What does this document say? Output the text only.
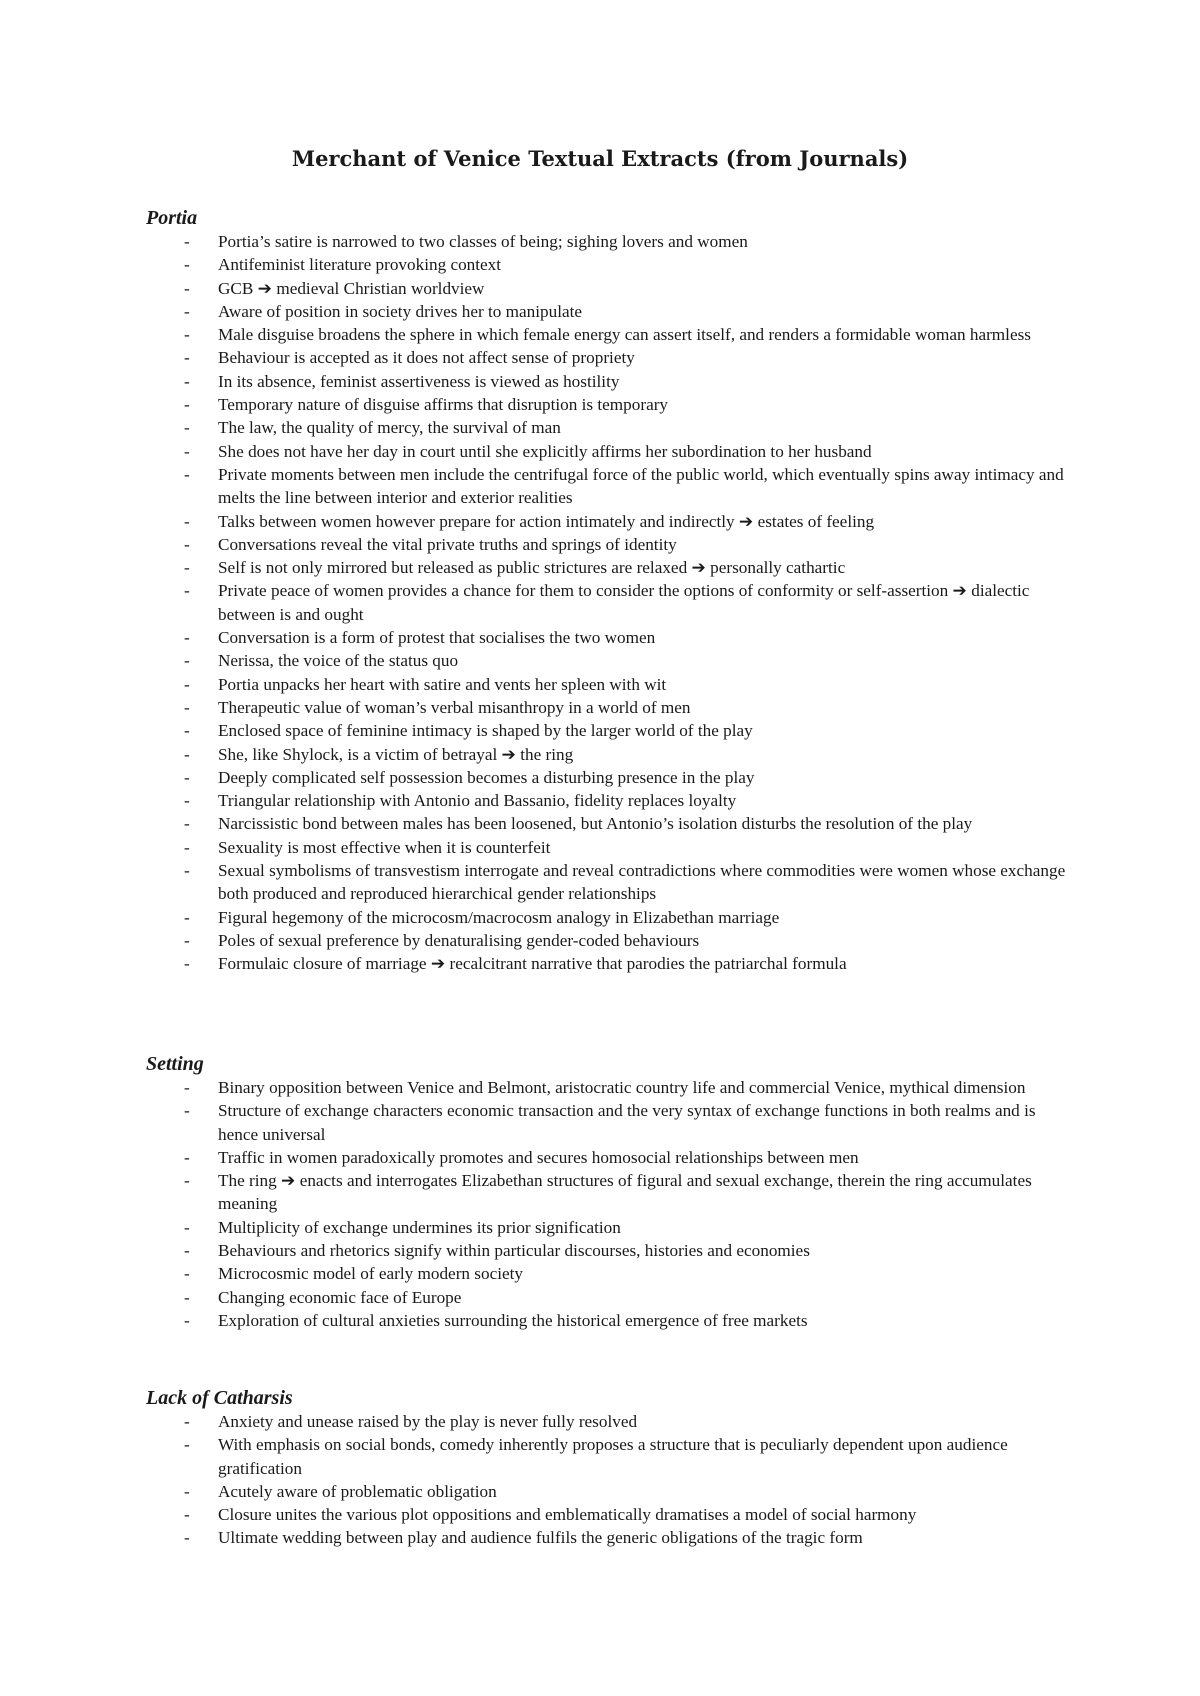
Merchant of Venice Textual Extracts (from Journals)
Portia
- Portia’s satire is narrowed to two classes of being; sighing lovers and women
- Antifeminist literature provoking context
- GCB ➔ medieval Christian worldview
- Aware of position in society drives her to manipulate
- Male disguise broadens the sphere in which female energy can assert itself, and renders a formidable woman harmless
- Behaviour is accepted as it does not affect sense of propriety
- In its absence, feminist assertiveness is viewed as hostility
- Temporary nature of disguise affirms that disruption is temporary
- The law, the quality of mercy, the survival of man
- She does not have her day in court until she explicitly affirms her subordination to her husband
- Private moments between men include the centrifugal force of the public world, which eventually spins away intimacy and melts the line between interior and exterior realities
- Talks between women however prepare for action intimately and indirectly ➔ estates of feeling
- Conversations reveal the vital private truths and springs of identity
- Self is not only mirrored but released as public strictures are relaxed ➔ personally cathartic
- Private peace of women provides a chance for them to consider the options of conformity or self-assertion ➔ dialectic between is and ought
- Conversation is a form of protest that socialises the two women
- Nerissa, the voice of the status quo
- Portia unpacks her heart with satire and vents her spleen with wit
- Therapeutic value of woman’s verbal misanthropy in a world of men
- Enclosed space of feminine intimacy is shaped by the larger world of the play
- She, like Shylock, is a victim of betrayal ➔ the ring
- Deeply complicated self possession becomes a disturbing presence in the play
- Triangular relationship with Antonio and Bassanio, fidelity replaces loyalty
- Narcissistic bond between males has been loosened, but Antonio’s isolation disturbs the resolution of the play
- Sexuality is most effective when it is counterfeit
- Sexual symbolisms of transvestism interrogate and reveal contradictions where commodities were women whose exchange both produced and reproduced hierarchical gender relationships
- Figural hegemony of the microcosm/macrocosm analogy in Elizabethan marriage
- Poles of sexual preference by denaturalising gender-coded behaviours
- Formulaic closure of marriage ➔ recalcitrant narrative that parodies the patriarchal formula
Setting
- Binary opposition between Venice and Belmont, aristocratic country life and commercial Venice, mythical dimension
- Structure of exchange characters economic transaction and the very syntax of exchange functions in both realms and is hence universal
- Traffic in women paradoxically promotes and secures homosocial relationships between men
- The ring ➔ enacts and interrogates Elizabethan structures of figural and sexual exchange, therein the ring accumulates meaning
- Multiplicity of exchange undermines its prior signification
- Behaviours and rhetorics signify within particular discourses, histories and economies
- Microcosmic model of early modern society
- Changing economic face of Europe
- Exploration of cultural anxieties surrounding the historical emergence of free markets
Lack of Catharsis
- Anxiety and unease raised by the play is never fully resolved
- With emphasis on social bonds, comedy inherently proposes a structure that is peculiarly dependent upon audience gratification
- Acutely aware of problematic obligation
- Closure unites the various plot oppositions and emblematically dramatises a model of social harmony
- Ultimate wedding between play and audience fulfils the generic obligations of the tragic form
